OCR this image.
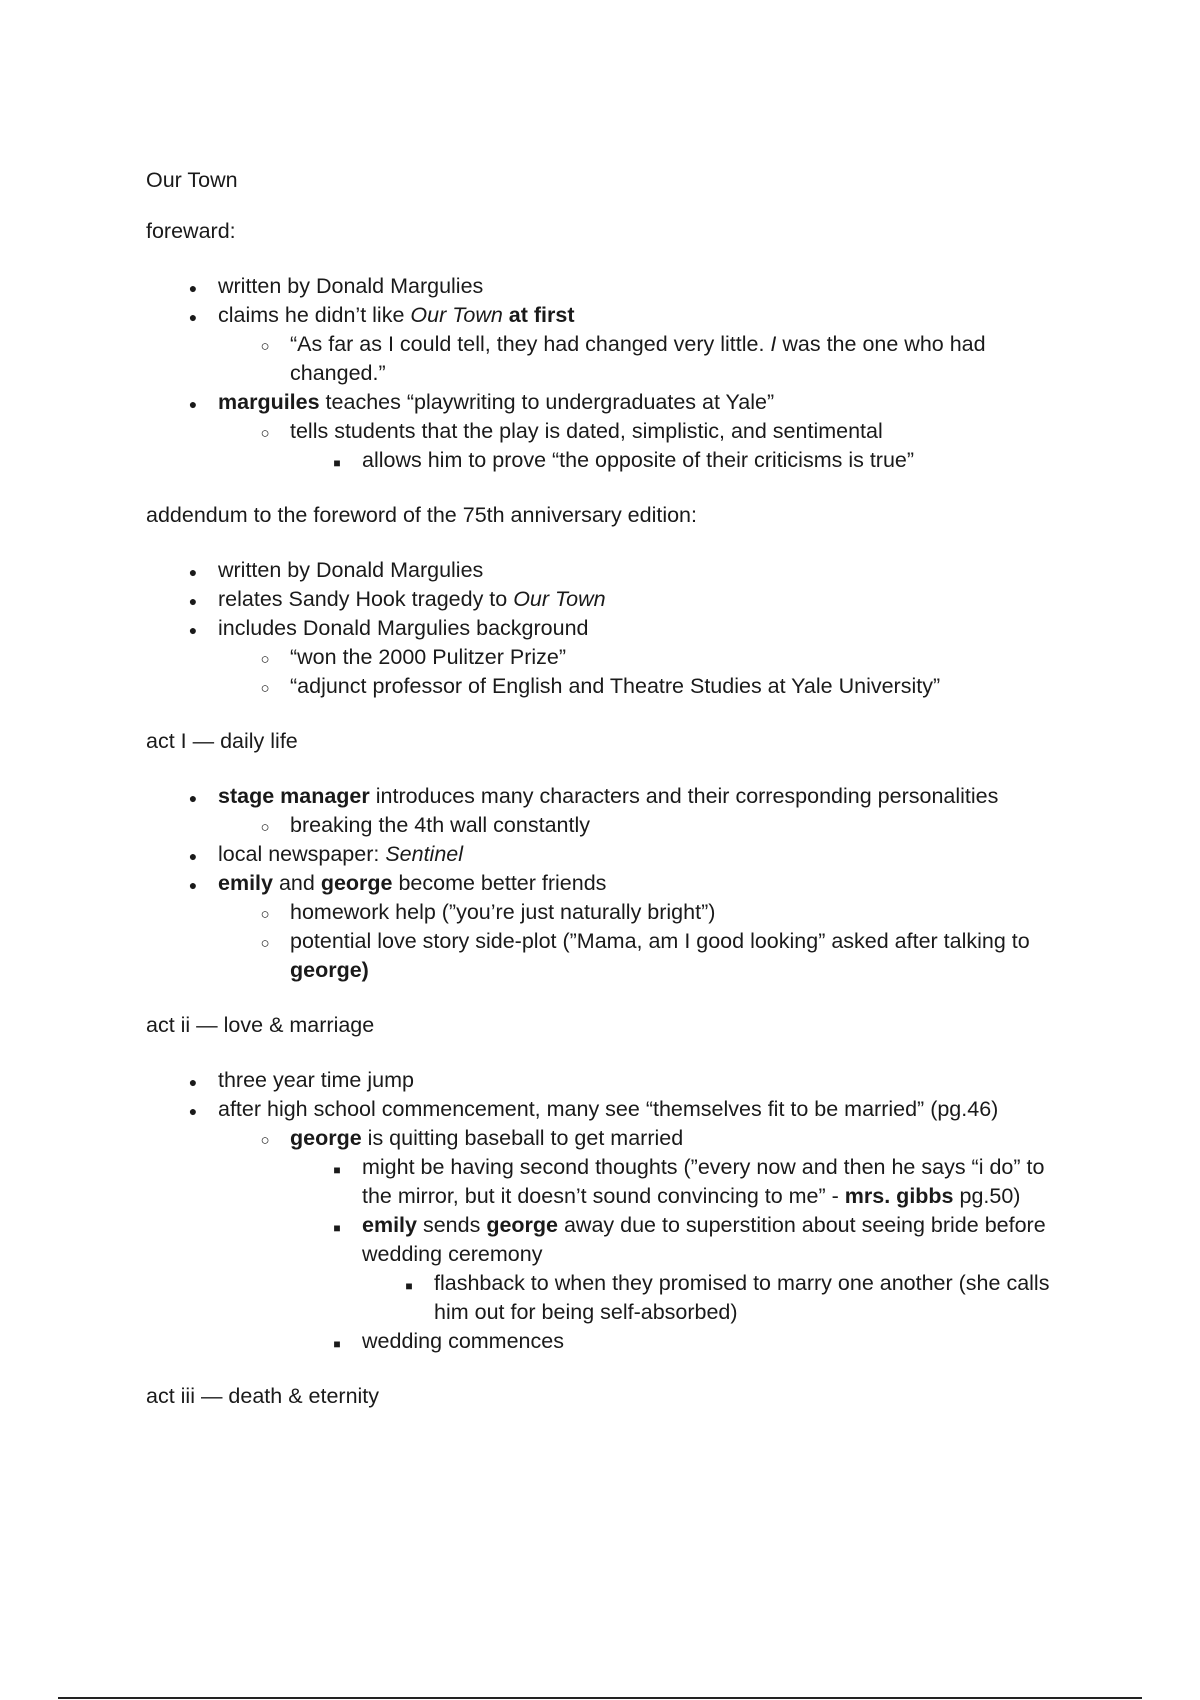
Our Town

foreward:

●
written by Donald Margulies
●
claims he didn’t like Our Town at first
○
“As far as I could tell, they had changed very little. I was the one who had
changed.”
●
marguiles teaches “playwriting to undergraduates at Yale”
○
tells students that the play is dated, simplistic, and sentimental
■
allows him to prove “the opposite of their criticisms is true”

addendum to the foreword of the 75th anniversary edition:

●
written by Donald Margulies
●
relates Sandy Hook tragedy to Our Town
●
includes Donald Margulies background
○
“won the 2000 Pulitzer Prize”
○
“adjunct professor of English and Theatre Studies at Yale University”

act I — daily life

●
stage manager introduces many characters and their corresponding personalities
○
breaking the 4th wall constantly
●
local newspaper: Sentinel
●
emily and george become better friends
○
homework help (”you’re just naturally bright”)
○
potential love story side-plot (”Mama, am I good looking” asked after talking to
george)

act ii — love & marriage

●
three year time jump
●
after high school commencement, many see “themselves fit to be married” (pg.46)
○
george is quitting baseball to get married
■
might be having second thoughts (”every now and then he says “i do” to
the mirror, but it doesn’t sound convincing to me” - mrs. gibbs pg.50)
■
emily sends george away due to superstition about seeing bride before
wedding ceremony
■
flashback to when they promised to marry one another (she calls
him out for being self-absorbed)
■
wedding commences

act iii — death & eternity
